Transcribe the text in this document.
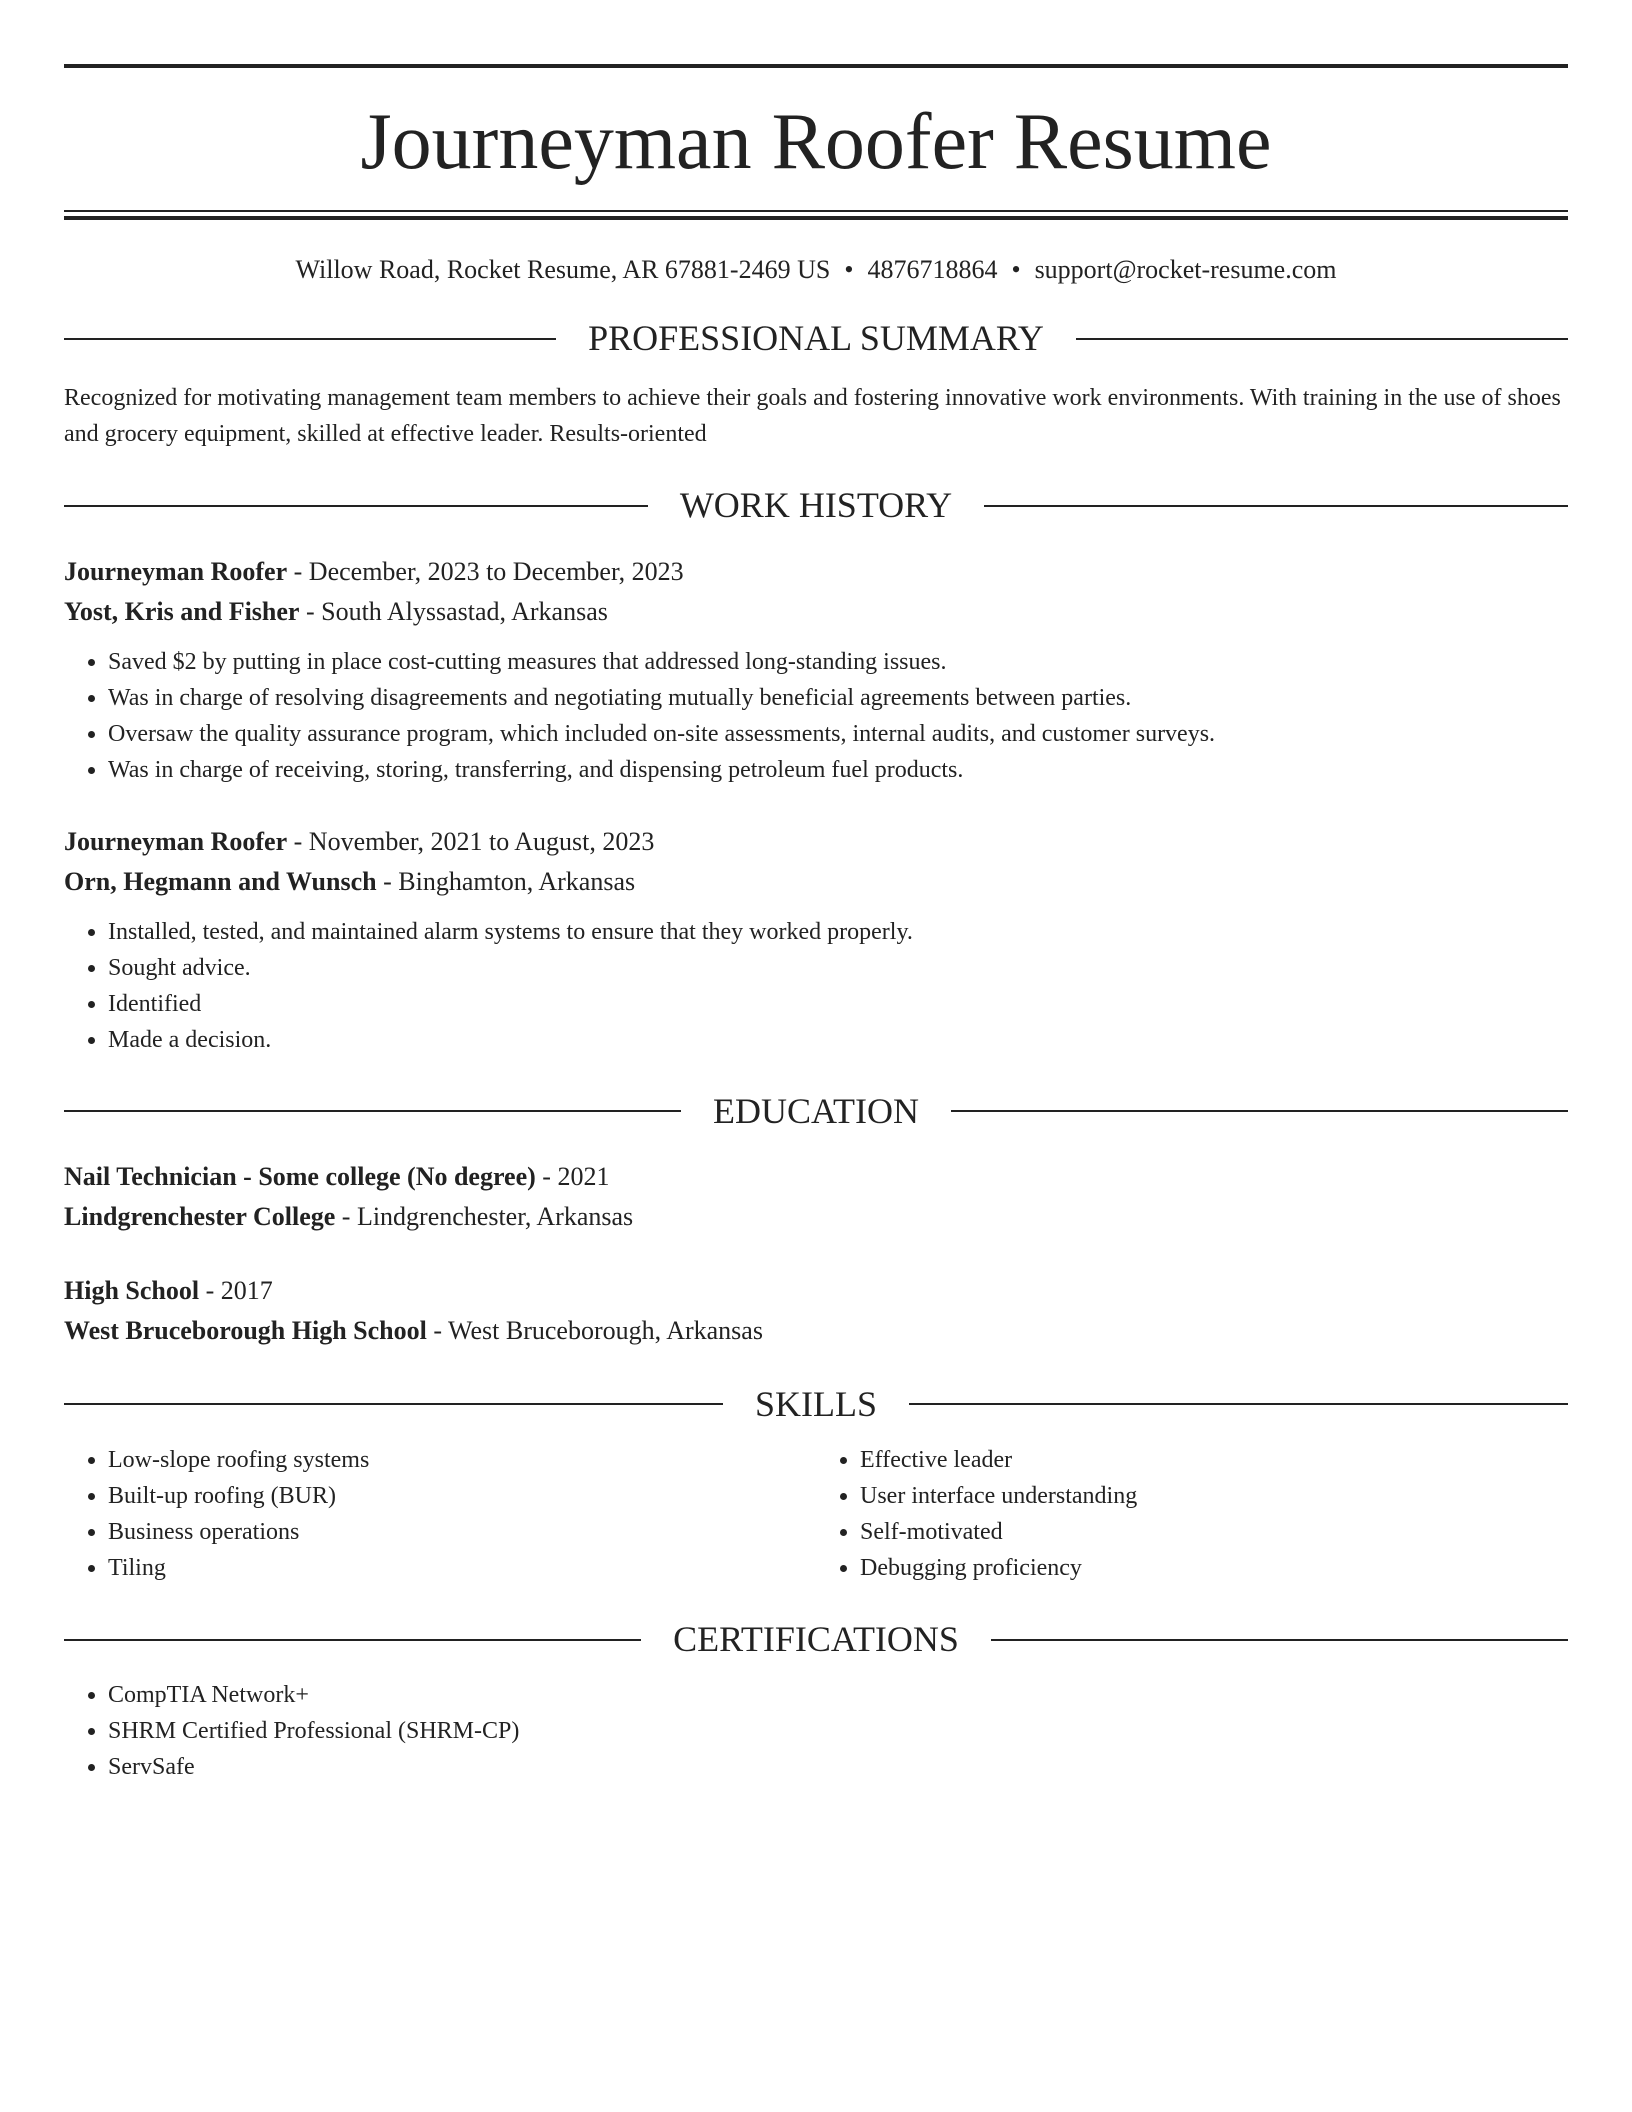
Journeyman Roofer Resume
Willow Road, Rocket Resume, AR 67881-2469 US • 4876718864 • support@rocket-resume.com
PROFESSIONAL SUMMARY
Recognized for motivating management team members to achieve their goals and fostering innovative work environments. With training in the use of shoes and grocery equipment, skilled at effective leader. Results-oriented
WORK HISTORY
Journeyman Roofer - December, 2023 to December, 2023
Yost, Kris and Fisher - South Alyssastad, Arkansas
• Saved $2 by putting in place cost-cutting measures that addressed long-standing issues.
• Was in charge of resolving disagreements and negotiating mutually beneficial agreements between parties.
• Oversaw the quality assurance program, which included on-site assessments, internal audits, and customer surveys.
• Was in charge of receiving, storing, transferring, and dispensing petroleum fuel products.
Journeyman Roofer - November, 2021 to August, 2023
Orn, Hegmann and Wunsch - Binghamton, Arkansas
• Installed, tested, and maintained alarm systems to ensure that they worked properly.
• Sought advice.
• Identified
• Made a decision.
EDUCATION
Nail Technician - Some college (No degree) - 2021
Lindgrenchester College - Lindgrenchester, Arkansas
High School - 2017
West Bruceborough High School - West Bruceborough, Arkansas
SKILLS
• Low-slope roofing systems
• Built-up roofing (BUR)
• Business operations
• Tiling
• Effective leader
• User interface understanding
• Self-motivated
• Debugging proficiency
CERTIFICATIONS
• CompTIA Network+
• SHRM Certified Professional (SHRM-CP)
• ServSafe
